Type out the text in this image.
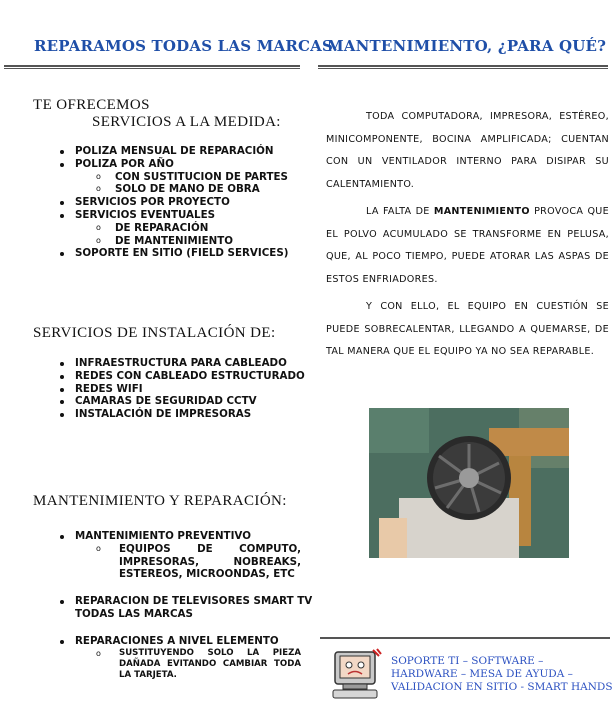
REPARAMOS TODAS LAS MARCAS.
TE OFRECEMOS
SERVICIOS A LA MEDIDA:
POLIZA MENSUAL DE REPARACIÓN
POLIZA POR AÑO
o CON SUSTITUCION DE PARTES
o SOLO DE MANO DE OBRA
SERVICIOS POR PROYECTO
SERVICIOS EVENTUALES
o DE REPARACIÓN
o DE MANTENIMIENTO
SOPORTE EN SITIO (FIELD SERVICES)
SERVICIOS DE INSTALACIÓN DE:
INFRAESTRUCTURA PARA CABLEADO
REDES CON CABLEADO ESTRUCTURADO
REDES WIFI
CAMARAS DE SEGURIDAD CCTV
INSTALACIÓN DE IMPRESORAS
MANTENIMIENTO Y REPARACIÓN:
MANTENIMIENTO PREVENTIVO
o EQUIPOS DE COMPUTO, IMPRESORAS, NOBREAKS, ESTEREOS, MICROONDAS, ETC
REPARACION DE TELEVISORES SMART TV
TODAS LAS MARCAS
REPARACIONES A NIVEL ELEMENTO
o SUSTITUYENDO SOLO LA PIEZA DAÑADA EVITANDO CAMBIAR TODA LA TARJETA.
MANTENIMIENTO, ¿PARA QUÉ?

TODA COMPUTADORA, IMPRESORA, ESTÉREO, MINICOMPONENTE, BOCINA AMPLIFICADA; CUENTAN CON UN VENTILADOR INTERNO PARA DISIPAR SU CALENTAMIENTO.

LA FALTA DE MANTENIMIENTO PROVOCA QUE EL POLVO ACUMULADO SE TRANSFORME EN PELUSA, QUE, AL POCO TIEMPO, PUEDE ATORAR LAS ASPAS DE ESTOS ENFRIADORES.

Y CON ELLO, EL EQUIPO EN CUESTIÓN SE PUEDE SOBRECALENTAR, LLEGANDO A QUEMARSE, DE TAL MANERA QUE EL EQUIPO YA NO SEA REPARABLE.

SOPORTE TI – SOFTWARE –
HARDWARE – MESA DE AYUDA –
VALIDACION EN SITIO - SMART HANDS
